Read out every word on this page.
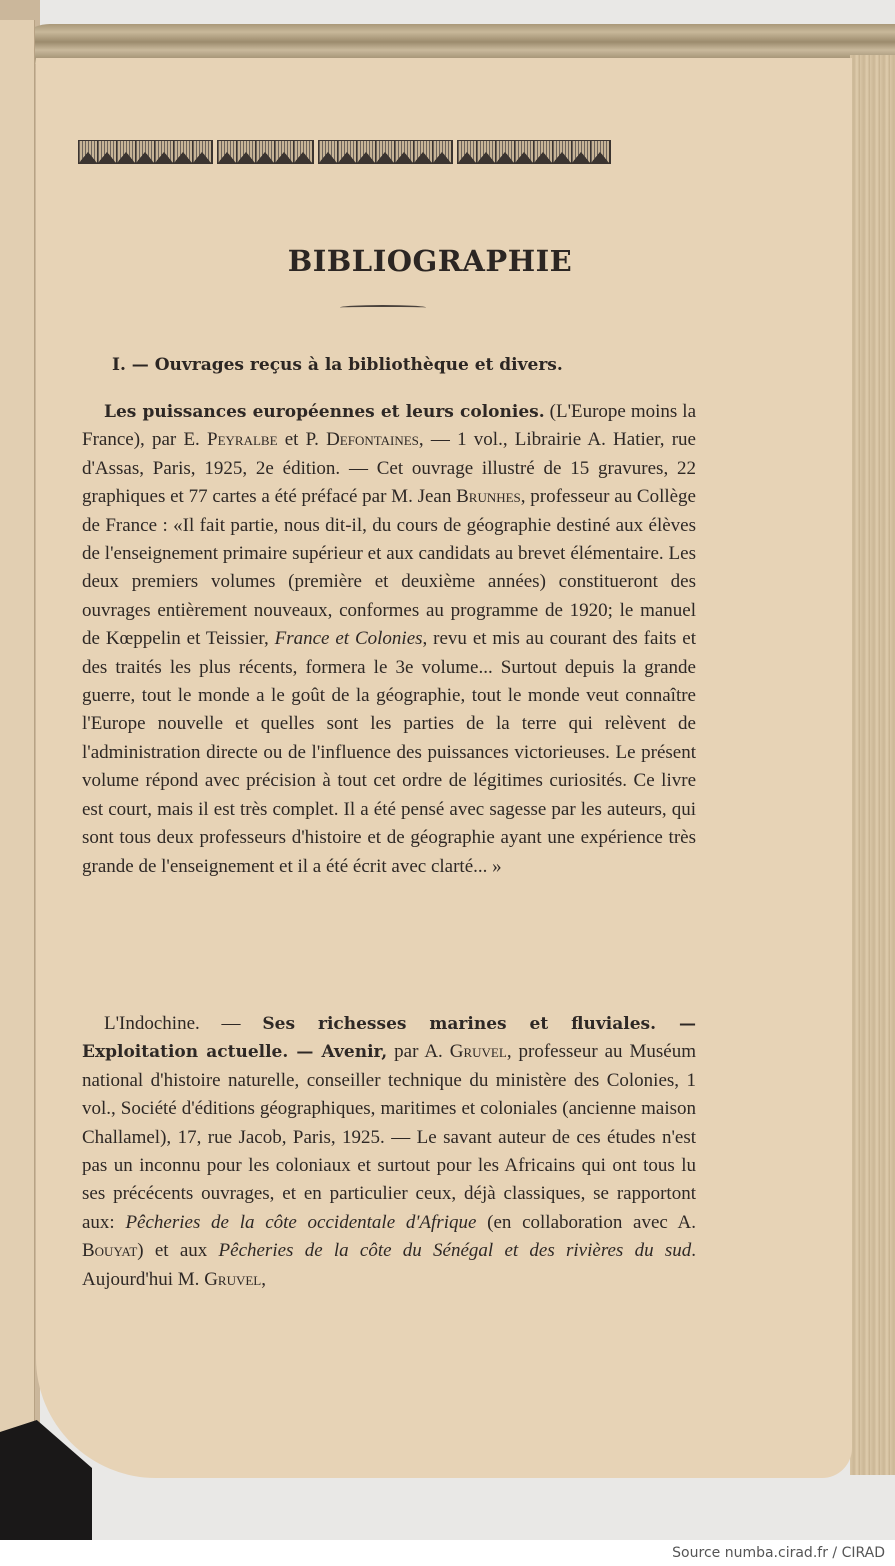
BIBLIOGRAPHIE
I. — Ouvrages reçus à la bibliothèque et divers.

Les puissances européennes et leurs colonies. (L'Europe moins la France), par E. Peyralbe et P. Defontaines, — 1 vol., Librairie A. Hatier, rue d'Assas, Paris, 1925, 2e édition. — Cet ouvrage illustré de 15 gravures, 22 graphiques et 77 cartes a été préfacé par M. Jean Brunhes, professeur au Collège de France : «Il fait partie, nous dit-il, du cours de géographie destiné aux élèves de l'enseignement primaire supérieur et aux candidats au brevet élémentaire. Les deux premiers volumes (première et deuxième années) constitueront des ouvrages entièrement nouveaux, conformes au programme de 1920; le manuel de Kœppelin et Teissier, France et Colonies, revu et mis au courant des faits et des traités les plus récents, formera le 3e volume... Surtout depuis la grande guerre, tout le monde a le goût de la géographie, tout le monde veut connaître l'Europe nouvelle et quelles sont les parties de la terre qui relèvent de l'administration directe ou de l'influence des puissances victorieuses. Le présent volume répond avec précision à tout cet ordre de légitimes curiosités. Ce livre est court, mais il est très complet. Il a été pensé avec sagesse par les auteurs, qui sont tous deux professeurs d'histoire et de géographie ayant une expérience très grande de l'enseignement et il a été écrit avec clarté... »

L'Indochine. — Ses richesses marines et fluviales. — Exploitation actuelle. — Avenir, par A. Gruvel, professeur au Muséum national d'histoire naturelle, conseiller technique du ministère des Colonies, 1 vol., Société d'éditions géographiques, maritimes et coloniales (ancienne maison Challamel), 17, rue Jacob, Paris, 1925. — Le savant auteur de ces études n'est pas un inconnu pour les coloniaux et surtout pour les Africains qui ont tous lu ses précécents ouvrages, et en particulier ceux, déjà classiques, se rapportont aux: Pêcheries de la côte occidentale d'Afrique (en collaboration avec A. Bouyat) et aux Pêcheries de la côte du Sénégal et des rivières du sud. Aujourd'hui M. Gruvel,

Source numba.cirad.fr / CIRAD
